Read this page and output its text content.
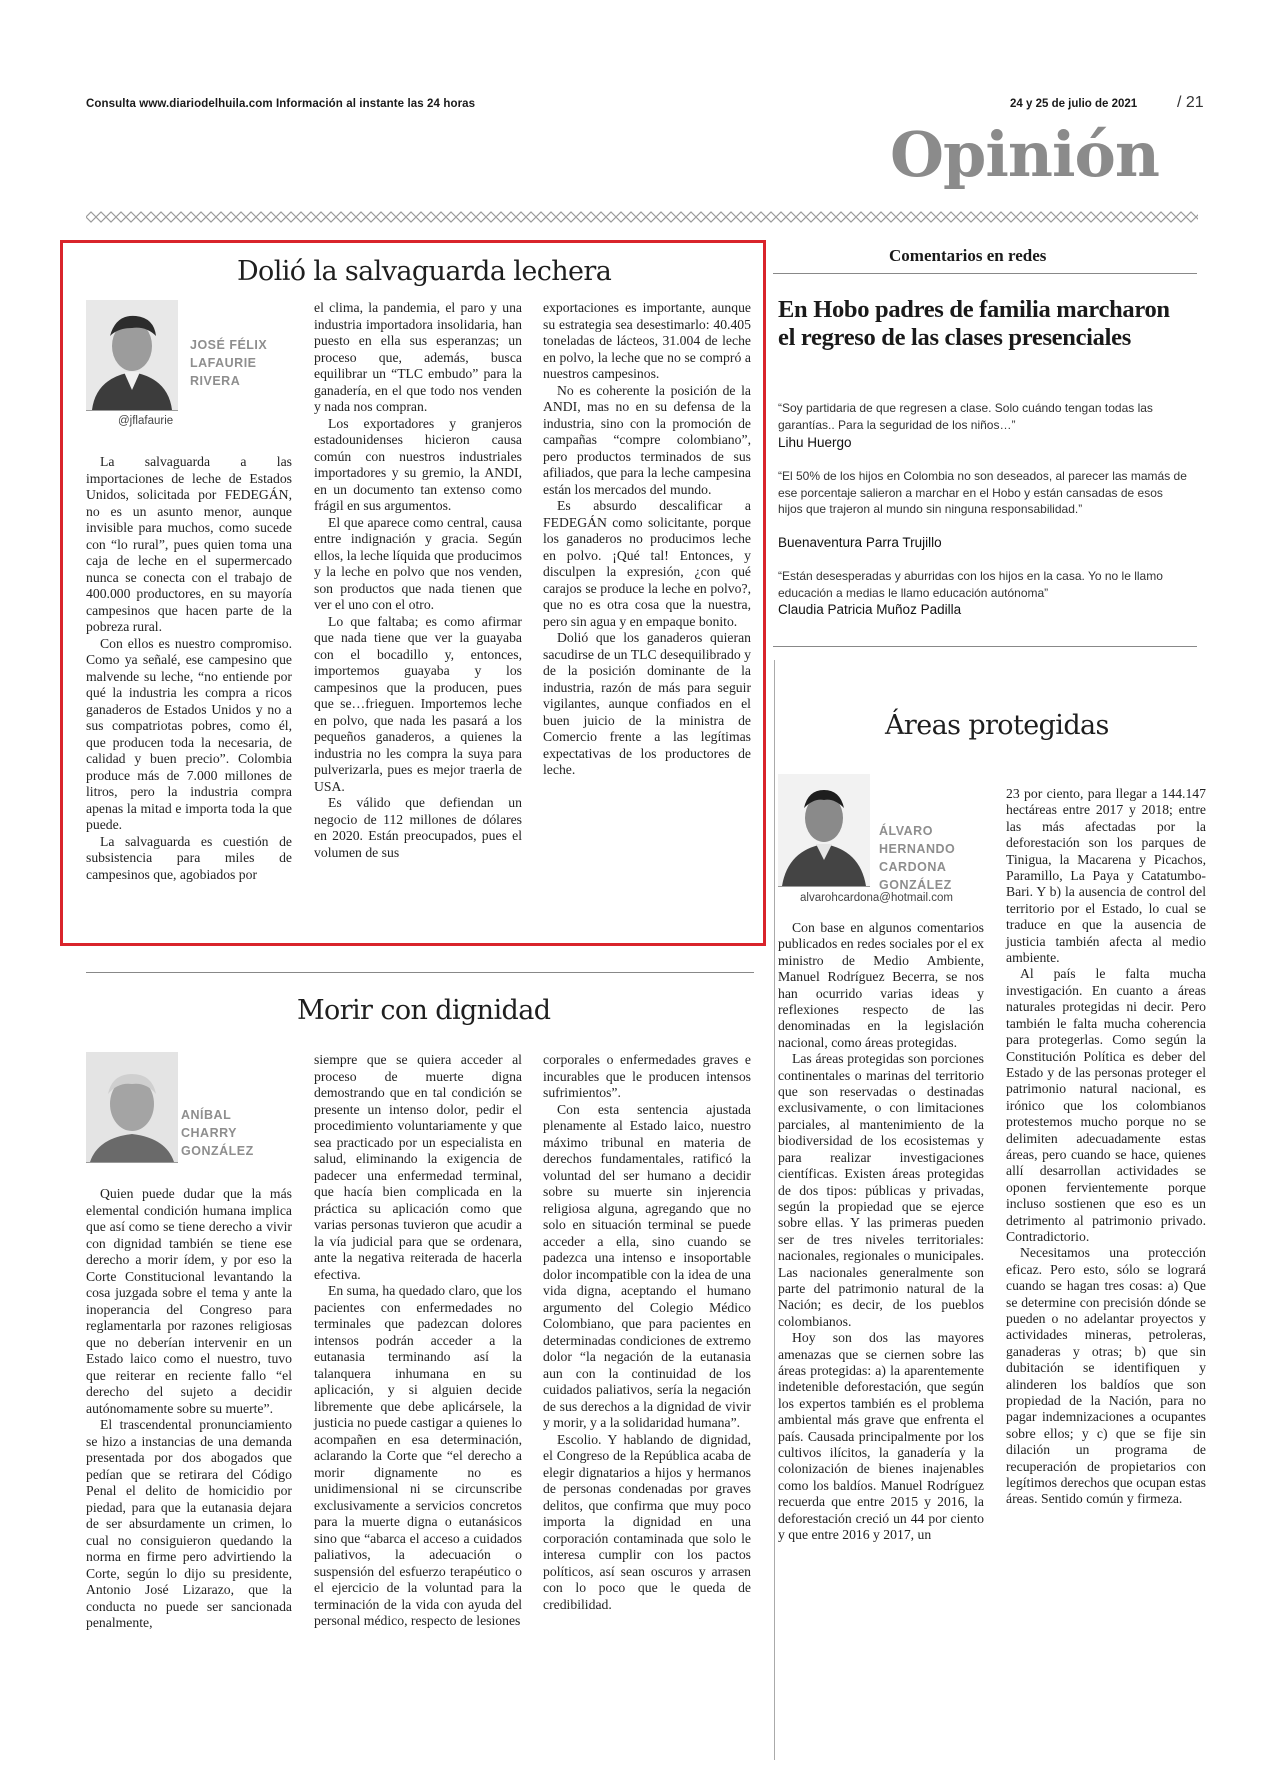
Consulta www.diariodelhuila.com Información al instante las 24 horas	24 y 25 de julio de 2021 / 21
Opinión
Dolió la salvaguarda lechera
JOSÉ FÉLIX
LAFAURIE
RIVERA
@jflafaurie

La salvaguarda a las importaciones de leche de Estados Unidos, solicitada por FEDEGÁN, no es un asunto menor, aunque invisible para muchos, como sucede con “lo rural”, pues quien toma una caja de leche en el supermercado nunca se conecta con el trabajo de 400.000 productores, en su mayoría campesinos que hacen parte de la pobreza rural.

Con ellos es nuestro compromiso. Como ya señalé, ese campesino que malvende su leche, “no entiende por qué la industria les compra a ricos ganaderos de Estados Unidos y no a sus compatriotas pobres, como él, que producen toda la necesaria, de calidad y buen precio”. Colombia produce más de 7.000 millones de litros, pero la industria compra apenas la mitad e importa toda la que puede.

La salvaguarda es cuestión de subsistencia para miles de campesinos que, agobiados por

el clima, la pandemia, el paro y una industria importadora insolidaria, han puesto en ella sus esperanzas; un proceso que, además, busca equilibrar un “TLC embudo” para la ganadería, en el que todo nos venden y nada nos compran.

Los exportadores y granjeros estadounidenses hicieron causa común con nuestros industriales importadores y su gremio, la ANDI, en un documento tan extenso como frágil en sus argumentos.

El que aparece como central, causa entre indignación y gracia. Según ellos, la leche líquida que producimos y la leche en polvo que nos venden, son productos que nada tienen que ver el uno con el otro.

Lo que faltaba; es como afirmar que nada tiene que ver la guayaba con el bocadillo y, entonces, importemos guayaba y los campesinos que la producen, pues que se…frieguen. Importemos leche en polvo, que nada les pasará a los pequeños ganaderos, a quienes la industria no les compra la suya para pulverizarla, pues es mejor traerla de USA.

Es válido que defiendan un negocio de 112 millones de dólares en 2020. Están preocupados, pues el volumen de sus

exportaciones es importante, aunque su estrategia sea desestimarlo: 40.405 toneladas de lácteos, 31.004 de leche en polvo, la leche que no se compró a nuestros campesinos.

No es coherente la posición de la ANDI, mas no en su defensa de la industria, sino con la promoción de campañas “compre colombiano”, pero productos terminados de sus afiliados, que para la leche campesina están los mercados del mundo.

Es absurdo descalificar a FEDEGÁN como solicitante, porque los ganaderos no producimos leche en polvo. ¡Qué tal! Entonces, y disculpen la expresión, ¿con qué carajos se produce la leche en polvo?, que no es otra cosa que la nuestra, pero sin agua y en empaque bonito.

Dolió que los ganaderos quieran sacudirse de un TLC desequilibrado y de la posición dominante de la industria, razón de más para seguir vigilantes, aunque confiados en el buen juicio de la ministra de Comercio frente a las legítimas expectativas de los productores de leche.

Comentarios en redes
En Hobo padres de familia marcharon el regreso de las clases presenciales
“Soy partidaria de que regresen a clase. Solo cuándo tengan todas las garantías.. Para la seguridad de los niños…”
Lihu Huergo
“El 50% de los hijos en Colombia no son deseados, al parecer las mamás de ese porcentaje salieron a marchar en el Hobo y están cansadas de esos hijos que trajeron al mundo sin ninguna responsabilidad.”
Buenaventura Parra Trujillo
“Están desesperadas y aburridas con los hijos en la casa. Yo no le llamo educación a medias le llamo educación autónoma”
Claudia Patricia Muñoz Padilla
Áreas protegidas
ÁLVARO
HERNANDO
CARDONA
GONZÁLEZ
alvarohcardona@hotmail.com

Con base en algunos comentarios publicados en redes sociales por el ex ministro de Medio Ambiente, Manuel Rodríguez Becerra, se nos han ocurrido varias ideas y reflexiones respecto de las denominadas en la legislación nacional, como áreas protegidas.

Las áreas protegidas son porciones continentales o marinas del territorio que son reservadas o destinadas exclusivamente, o con limitaciones parciales, al mantenimiento de la biodiversidad de los ecosistemas y para realizar investigaciones científicas. Existen áreas protegidas de dos tipos: públicas y privadas, según la propiedad que se ejerce sobre ellas. Y las primeras pueden ser de tres niveles territoriales: nacionales, regionales o municipales. Las nacionales generalmente son parte del patrimonio natural de la Nación; es decir, de los pueblos colombianos.

Hoy son dos las mayores amenazas que se ciernen sobre las áreas protegidas: a) la aparentemente indetenible deforestación, que según los expertos también es el problema ambiental más grave que enfrenta el país. Causada principalmente por los cultivos ilícitos, la ganadería y la colonización de bienes inajenables como los baldíos. Manuel Rodríguez recuerda que entre 2015 y 2016, la deforestación creció un 44 por ciento y que entre 2016 y 2017, un

23 por ciento, para llegar a 144.147 hectáreas entre 2017 y 2018; entre las más afectadas por la deforestación son los parques de Tinigua, la Macarena y Picachos, Paramillo, La Paya y Catatumbo-Bari. Y b) la ausencia de control del territorio por el Estado, lo cual se traduce en que la ausencia de justicia también afecta al medio ambiente.

Al país le falta mucha investigación. En cuanto a áreas naturales protegidas ni decir. Pero también le falta mucha coherencia para protegerlas. Como según la Constitución Política es deber del Estado y de las personas proteger el patrimonio natural nacional, es irónico que los colombianos protestemos mucho porque no se delimiten adecuadamente estas áreas, pero cuando se hace, quienes allí desarrollan actividades se oponen fervientemente porque incluso sostienen que eso es un detrimento al patrimonio privado. Contradictorio.

Necesitamos una protección eficaz. Pero esto, sólo se logrará cuando se hagan tres cosas: a) Que se determine con precisión dónde se pueden o no adelantar proyectos y actividades mineras, petroleras, ganaderas y otras; b) que sin dubitación se identifiquen y alinderen los baldíos que son propiedad de la Nación, para no pagar indemnizaciones a ocupantes sobre ellos; y c) que se fije sin dilación un programa de recuperación de propietarios con legítimos derechos que ocupan estas áreas. Sentido común y firmeza.

Morir con dignidad
ANÍBAL
CHARRY
GONZÁLEZ

Quien puede dudar que la más elemental condición humana implica que así como se tiene derecho a vivir con dignidad también se tiene ese derecho a morir ídem, y por eso la Corte Constitucional levantando la cosa juzgada sobre el tema y ante la inoperancia del Congreso para reglamentarla por razones religiosas que no deberían intervenir en un Estado laico como el nuestro, tuvo que reiterar en reciente fallo “el derecho del sujeto a decidir autónomamente sobre su muerte”.

El trascendental pronunciamiento se hizo a instancias de una demanda presentada por dos abogados que pedían que se retirara del Código Penal el delito de homicidio por piedad, para que la eutanasia dejara de ser absurdamente un crimen, lo cual no consiguieron quedando la norma en firme pero advirtiendo la Corte, según lo dijo su presidente, Antonio José Lizarazo, que la conducta no puede ser sancionada penalmente,

siempre que se quiera acceder al proceso de muerte digna demostrando que en tal condición se presente un intenso dolor, pedir el procedimiento voluntariamente y que sea practicado por un especialista en salud, eliminando la exigencia de padecer una enfermedad terminal, que hacía bien complicada en la práctica su aplicación como que varias personas tuvieron que acudir a la vía judicial para que se ordenara, ante la negativa reiterada de hacerla efectiva.

En suma, ha quedado claro, que los pacientes con enfermedades no terminales que padezcan dolores intensos podrán acceder a la eutanasia terminando así la talanquera inhumana en su aplicación, y si alguien decide libremente que debe aplicársele, la justicia no puede castigar a quienes lo acompañen en esa determinación, aclarando la Corte que “el derecho a morir dignamente no es unidimensional ni se circunscribe exclusivamente a servicios concretos para la muerte digna o eutanásicos sino que “abarca el acceso a cuidados paliativos, la adecuación o suspensión del esfuerzo terapéutico o el ejercicio de la voluntad para la terminación de la vida con ayuda del personal médico, respecto de lesiones

corporales o enfermedades graves e incurables que le producen intensos sufrimientos”.

Con esta sentencia ajustada plenamente al Estado laico, nuestro máximo tribunal en materia de derechos fundamentales, ratificó la voluntad del ser humano a decidir sobre su muerte sin injerencia religiosa alguna, agregando que no solo en situación terminal se puede acceder a ella, sino cuando se padezca una intenso e insoportable dolor incompatible con la idea de una vida digna, aceptando el humano argumento del Colegio Médico Colombiano, que para pacientes en determinadas condiciones de extremo dolor “la negación de la eutanasia aun con la continuidad de los cuidados paliativos, sería la negación de sus derechos a la dignidad de vivir y morir, y a la solidaridad humana”.

Escolio. Y hablando de dignidad, el Congreso de la República acaba de elegir dignatarios a hijos y hermanos de personas condenadas por graves delitos, que confirma que muy poco importa la dignidad en una corporación contaminada que solo le interesa cumplir con los pactos políticos, así sean oscuros y arrasen con lo poco que le queda de credibilidad.
